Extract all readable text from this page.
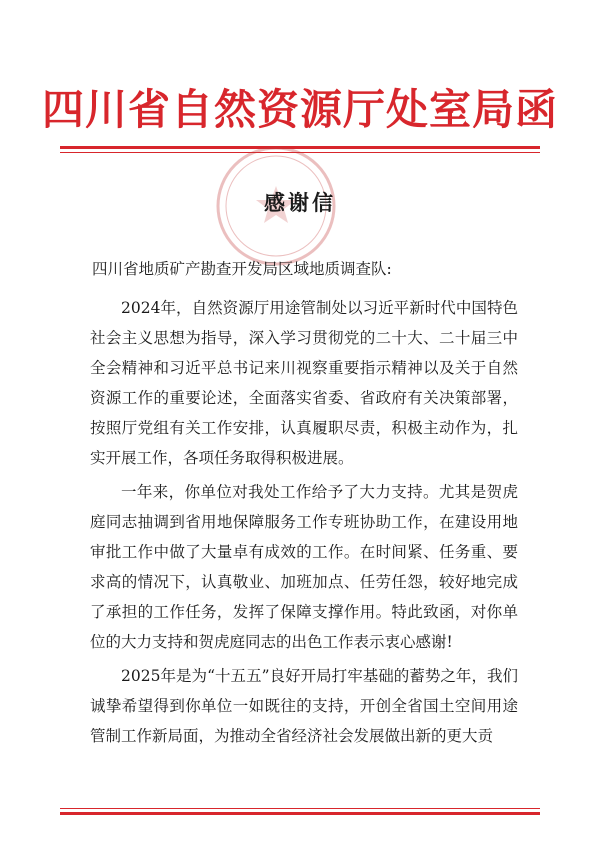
四川省自然资源厅处室局函
感谢信
四川省地质矿产勘查开发局区域地质调查队:

2024年，自然资源厅用途管制处以习近平新时代中国特色社会主义思想为指导，深入学习贯彻党的二十大、二十届三中全会精神和习近平总书记来川视察重要指示精神以及关于自然资源工作的重要论述，全面落实省委、省政府有关决策部署，按照厅党组有关工作安排，认真履职尽责，积极主动作为，扎实开展工作，各项任务取得积极进展。

一年来，你单位对我处工作给予了大力支持。尤其是贺虎庭同志抽调到省用地保障服务工作专班协助工作，在建设用地审批工作中做了大量卓有成效的工作。在时间紧、任务重、要求高的情况下，认真敬业、加班加点、任劳任怨，较好地完成了承担的工作任务，发挥了保障支撑作用。特此致函，对你单位的大力支持和贺虎庭同志的出色工作表示衷心感谢!

2025年是为“十五五”良好开局打牢基础的蓄势之年，我们诚挚希望得到你单位一如既往的支持，开创全省国土空间用途管制工作新局面，为推动全省经济社会发展做出新的更大贡
